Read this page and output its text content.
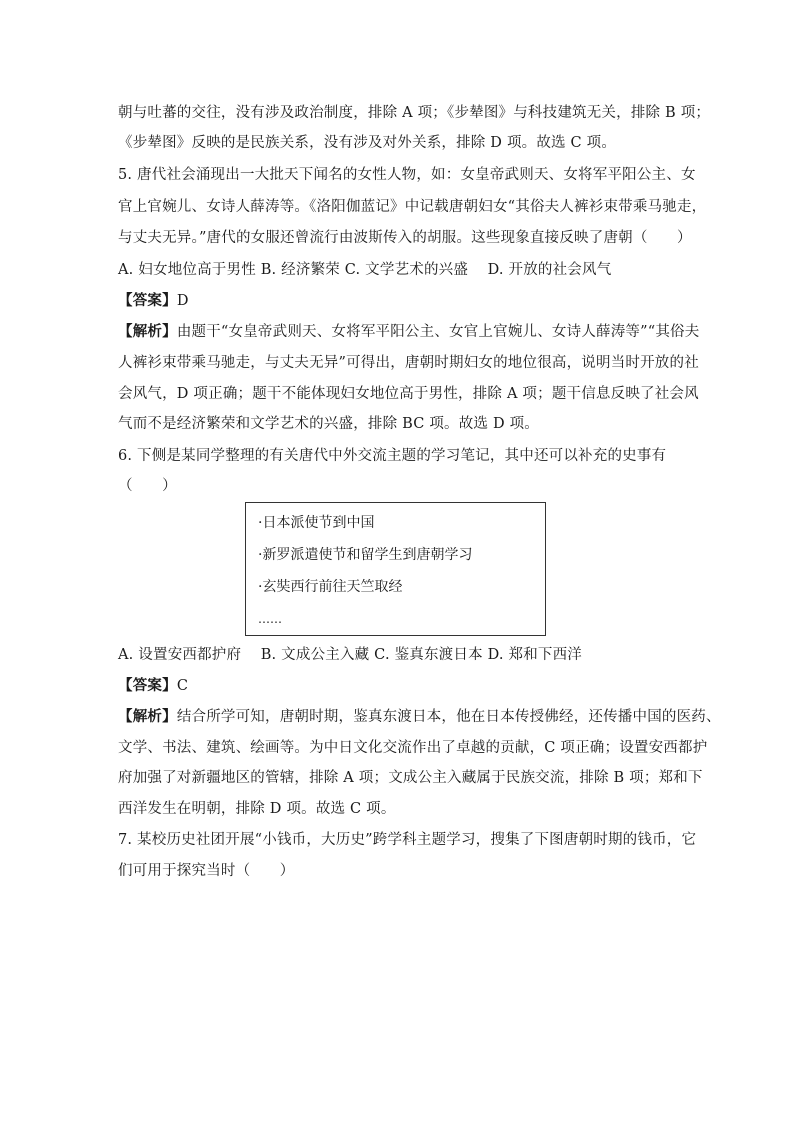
朝与吐蕃的交往，没有涉及政治制度，排除 A 项；《步辇图》与科技建筑无关，排除 B 项；
《步辇图》反映的是民族关系，没有涉及对外关系，排除 D 项。故选 C 项。
5. 唐代社会涌现出一大批天下闻名的女性人物，如：女皇帝武则天、女将军平阳公主、女
官上官婉儿、女诗人薛涛等。《洛阳伽蓝记》中记载唐朝妇女“其俗夫人裤衫束带乘马驰走，
与丈夫无异。”唐代的女服还曾流行由波斯传入的胡服。这些现象直接反映了唐朝（　　）
A. 妇女地位高于男性 B. 经济繁荣 C. 文学艺术的兴盛　 D. 开放的社会风气
【答案】D
【解析】由题干“女皇帝武则天、女将军平阳公主、女官上官婉儿、女诗人薛涛等”“其俗夫
人裤衫束带乘马驰走，与丈夫无异”可得出，唐朝时期妇女的地位很高，说明当时开放的社
会风气，D 项正确；题干不能体现妇女地位高于男性，排除 A 项；题干信息反映了社会风
气而不是经济繁荣和文学艺术的兴盛，排除 BC 项。故选 D 项。
6. 下侧是某同学整理的有关唐代中外交流主题的学习笔记，其中还可以补充的史事有
（　　）
·日本派使节到中国
·新罗派遣使节和留学生到唐朝学习
·玄奘西行前往天竺取经
……
A. 设置安西都护府　 B. 文成公主入藏 C. 鉴真东渡日本 D. 郑和下西洋
【答案】C
【解析】结合所学可知，唐朝时期，鉴真东渡日本，他在日本传授佛经，还传播中国的医药、
文学、书法、建筑、绘画等。为中日文化交流作出了卓越的贡献，C 项正确；设置安西都护
府加强了对新疆地区的管辖，排除 A 项；文成公主入藏属于民族交流，排除 B 项；郑和下
西洋发生在明朝，排除 D 项。故选 C 项。
7. 某校历史社团开展“小钱币，大历史”跨学科主题学习，搜集了下图唐朝时期的钱币，它
们可用于探究当时（　　）
